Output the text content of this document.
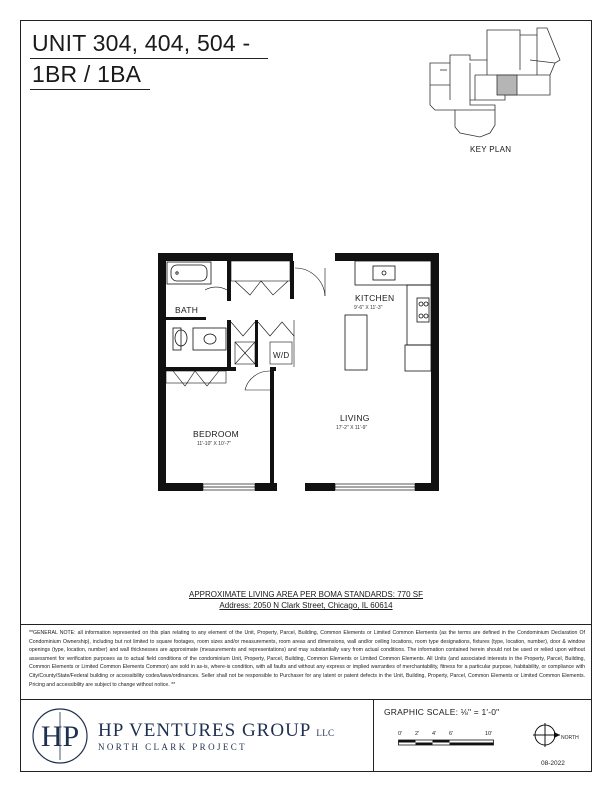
UNIT 304, 404, 504 -
1BR / 1BA
KEY PLAN
BATH
W/D
KITCHEN
9'-6" X 11'-3"
LIVING
17'-2" X 11'-9"
BEDROOM
11'-10" X 10'-7"
APPROXIMATE LIVING AREA PER BOMA STANDARDS: 770 SF
Address: 2050 N Clark Street, Chicago, IL 60614
**GENERAL NOTE: all information represented on this plan relating to any element of the Unit, Property, Parcel, Building, Common Elements or Limited Common Elements (as the terms are defined in the Condominium Declaration Of Condominium Ownership), including but not limited to square footages, room sizes and/or measurements, room areas and dimensions, wall and/or ceiling locations, room type designations, fixtures (type, location, number), door & window openings (type, location, number) and wall thicknesses are approximate (measurements and representations) and may substantially vary from actual conditions. The information contained herein should not be used or relied upon without assessment for verification purposes as to actual field conditions of the condominium Unit, Property, Parcel, Building, Common Elements or Limited Common Elements. All Units (and associated interests in the Property, Parcel, Building, Common Elements or Limited Common Elements Common) are sold in as-is, where-is condition, with all faults and without any express or implied warranties of merchantability, fitness for a particular purpose, habitability, or compliance with City/County/State/Federal building or accessibility codes/laws/ordinances. Seller shall not be responsible to Purchaser for any latent or patent defects in the Unit, Building, Property, Parcel, Common Elements or Limited Common Elements. Pricing and accessibility are subject to change without notice. **
HP HP VENTURES GROUP LLC
NORTH CLARK PROJECT
GRAPHIC SCALE: ⅛" = 1'-0"
0' 2' 4' 6'	10'
NORTH
08-2022
